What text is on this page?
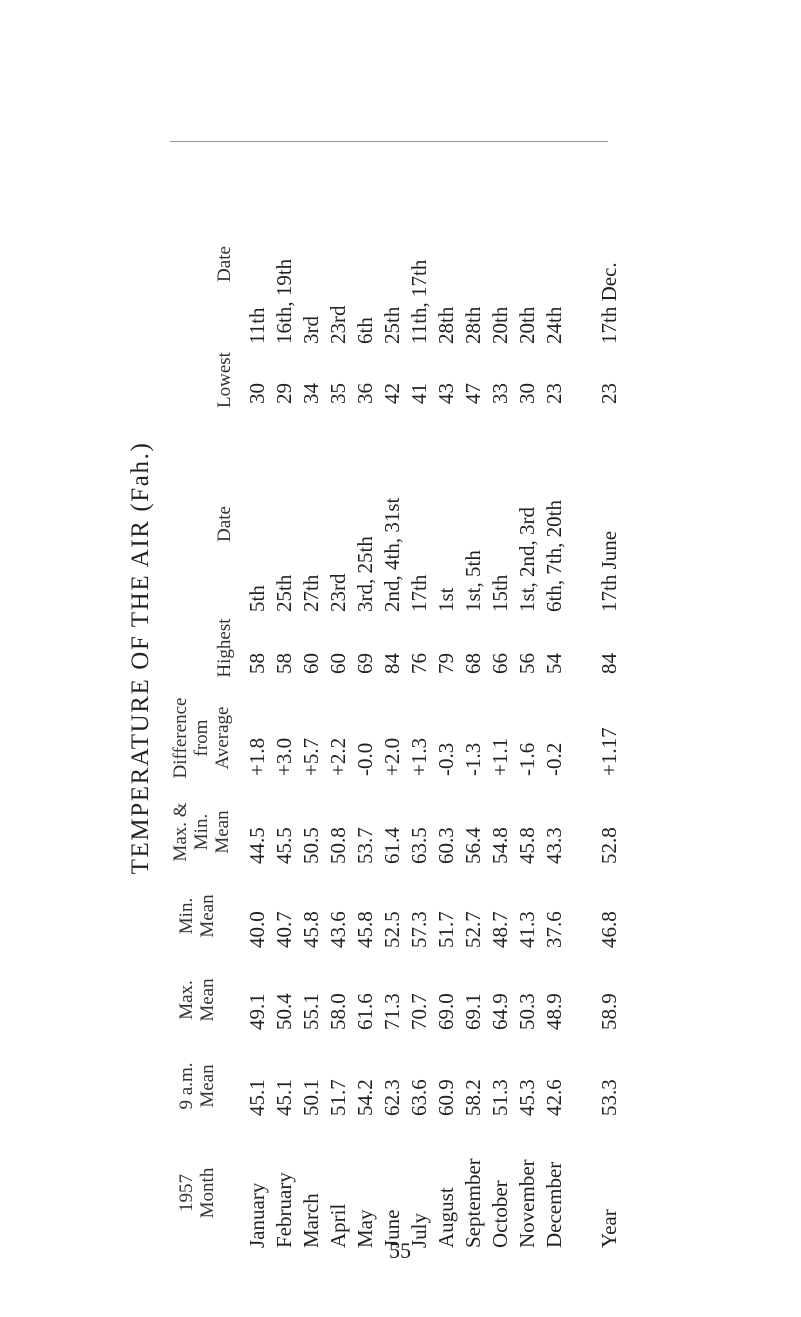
TEMPERATURE OF THE AIR (Fah.)
1957 Month
9 a.m. Mean
Max. Mean
Min. Mean
Max. & Min. Mean
Difference from Average
Highest
Date
Lowest
Date
January
45.1
49.1
40.0
44.5
+1.8
58
5th
30
11th
February
45.1
50.4
40.7
45.5
+3.0
58
25th
29
16th, 19th
March
50.1
55.1
45.8
50.5
+5.7
60
27th
34
3rd
April
51.7
58.0
43.6
50.8
+2.2
60
23rd
35
23rd
May
54.2
61.6
45.8
53.7
-0.0
69
3rd, 25th
36
6th
June
62.3
71.3
52.5
61.4
+2.0
84
2nd, 4th, 31st
42
25th
July
63.6
70.7
57.3
63.5
+1.3
76
17th
41
11th, 17th
August
60.9
69.0
51.7
60.3
-0.3
79
1st
43
28th
September
58.2
69.1
52.7
56.4
-1.3
68
1st, 5th
47
28th
October
51.3
64.9
48.7
54.8
+1.1
66
15th
33
20th
November
45.3
50.3
41.3
45.8
-1.6
56
1st, 2nd, 3rd
30
20th
December
42.6
48.9
37.6
43.3
-0.2
54
6th, 7th, 20th
23
24th
Year
53.3
58.9
46.8
52.8
+1.17
84
17th June
23
17th Dec.
55
